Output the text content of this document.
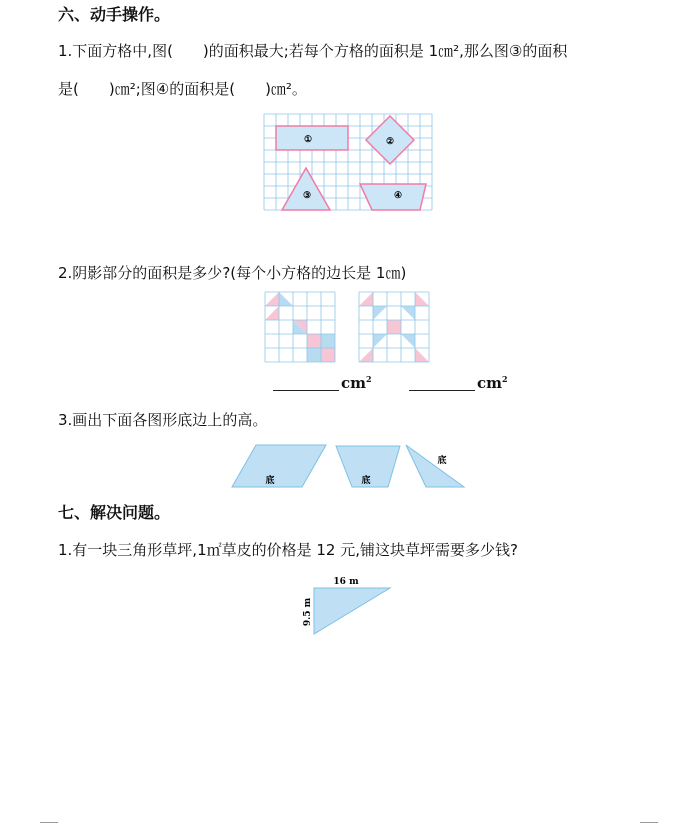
六、动手操作。
1.下面方格中,图(　　)的面积最大;若每个方格的面积是 1㎝²,那么图③的面积
是(　　)㎝²;图④的面积是(　　)㎝²。
①	②
③	④
2.阴影部分的面积是多少?(每个小方格的边长是 1㎝)
$cm^2$	$cm^2$
3.画出下面各图形底边上的高。
底	底
底
七、解决问题。
1.有一块三角形草坪,1㎡草皮的价格是 12 元,铺这块草坪需要多少钱?
16 m
9.5 m
